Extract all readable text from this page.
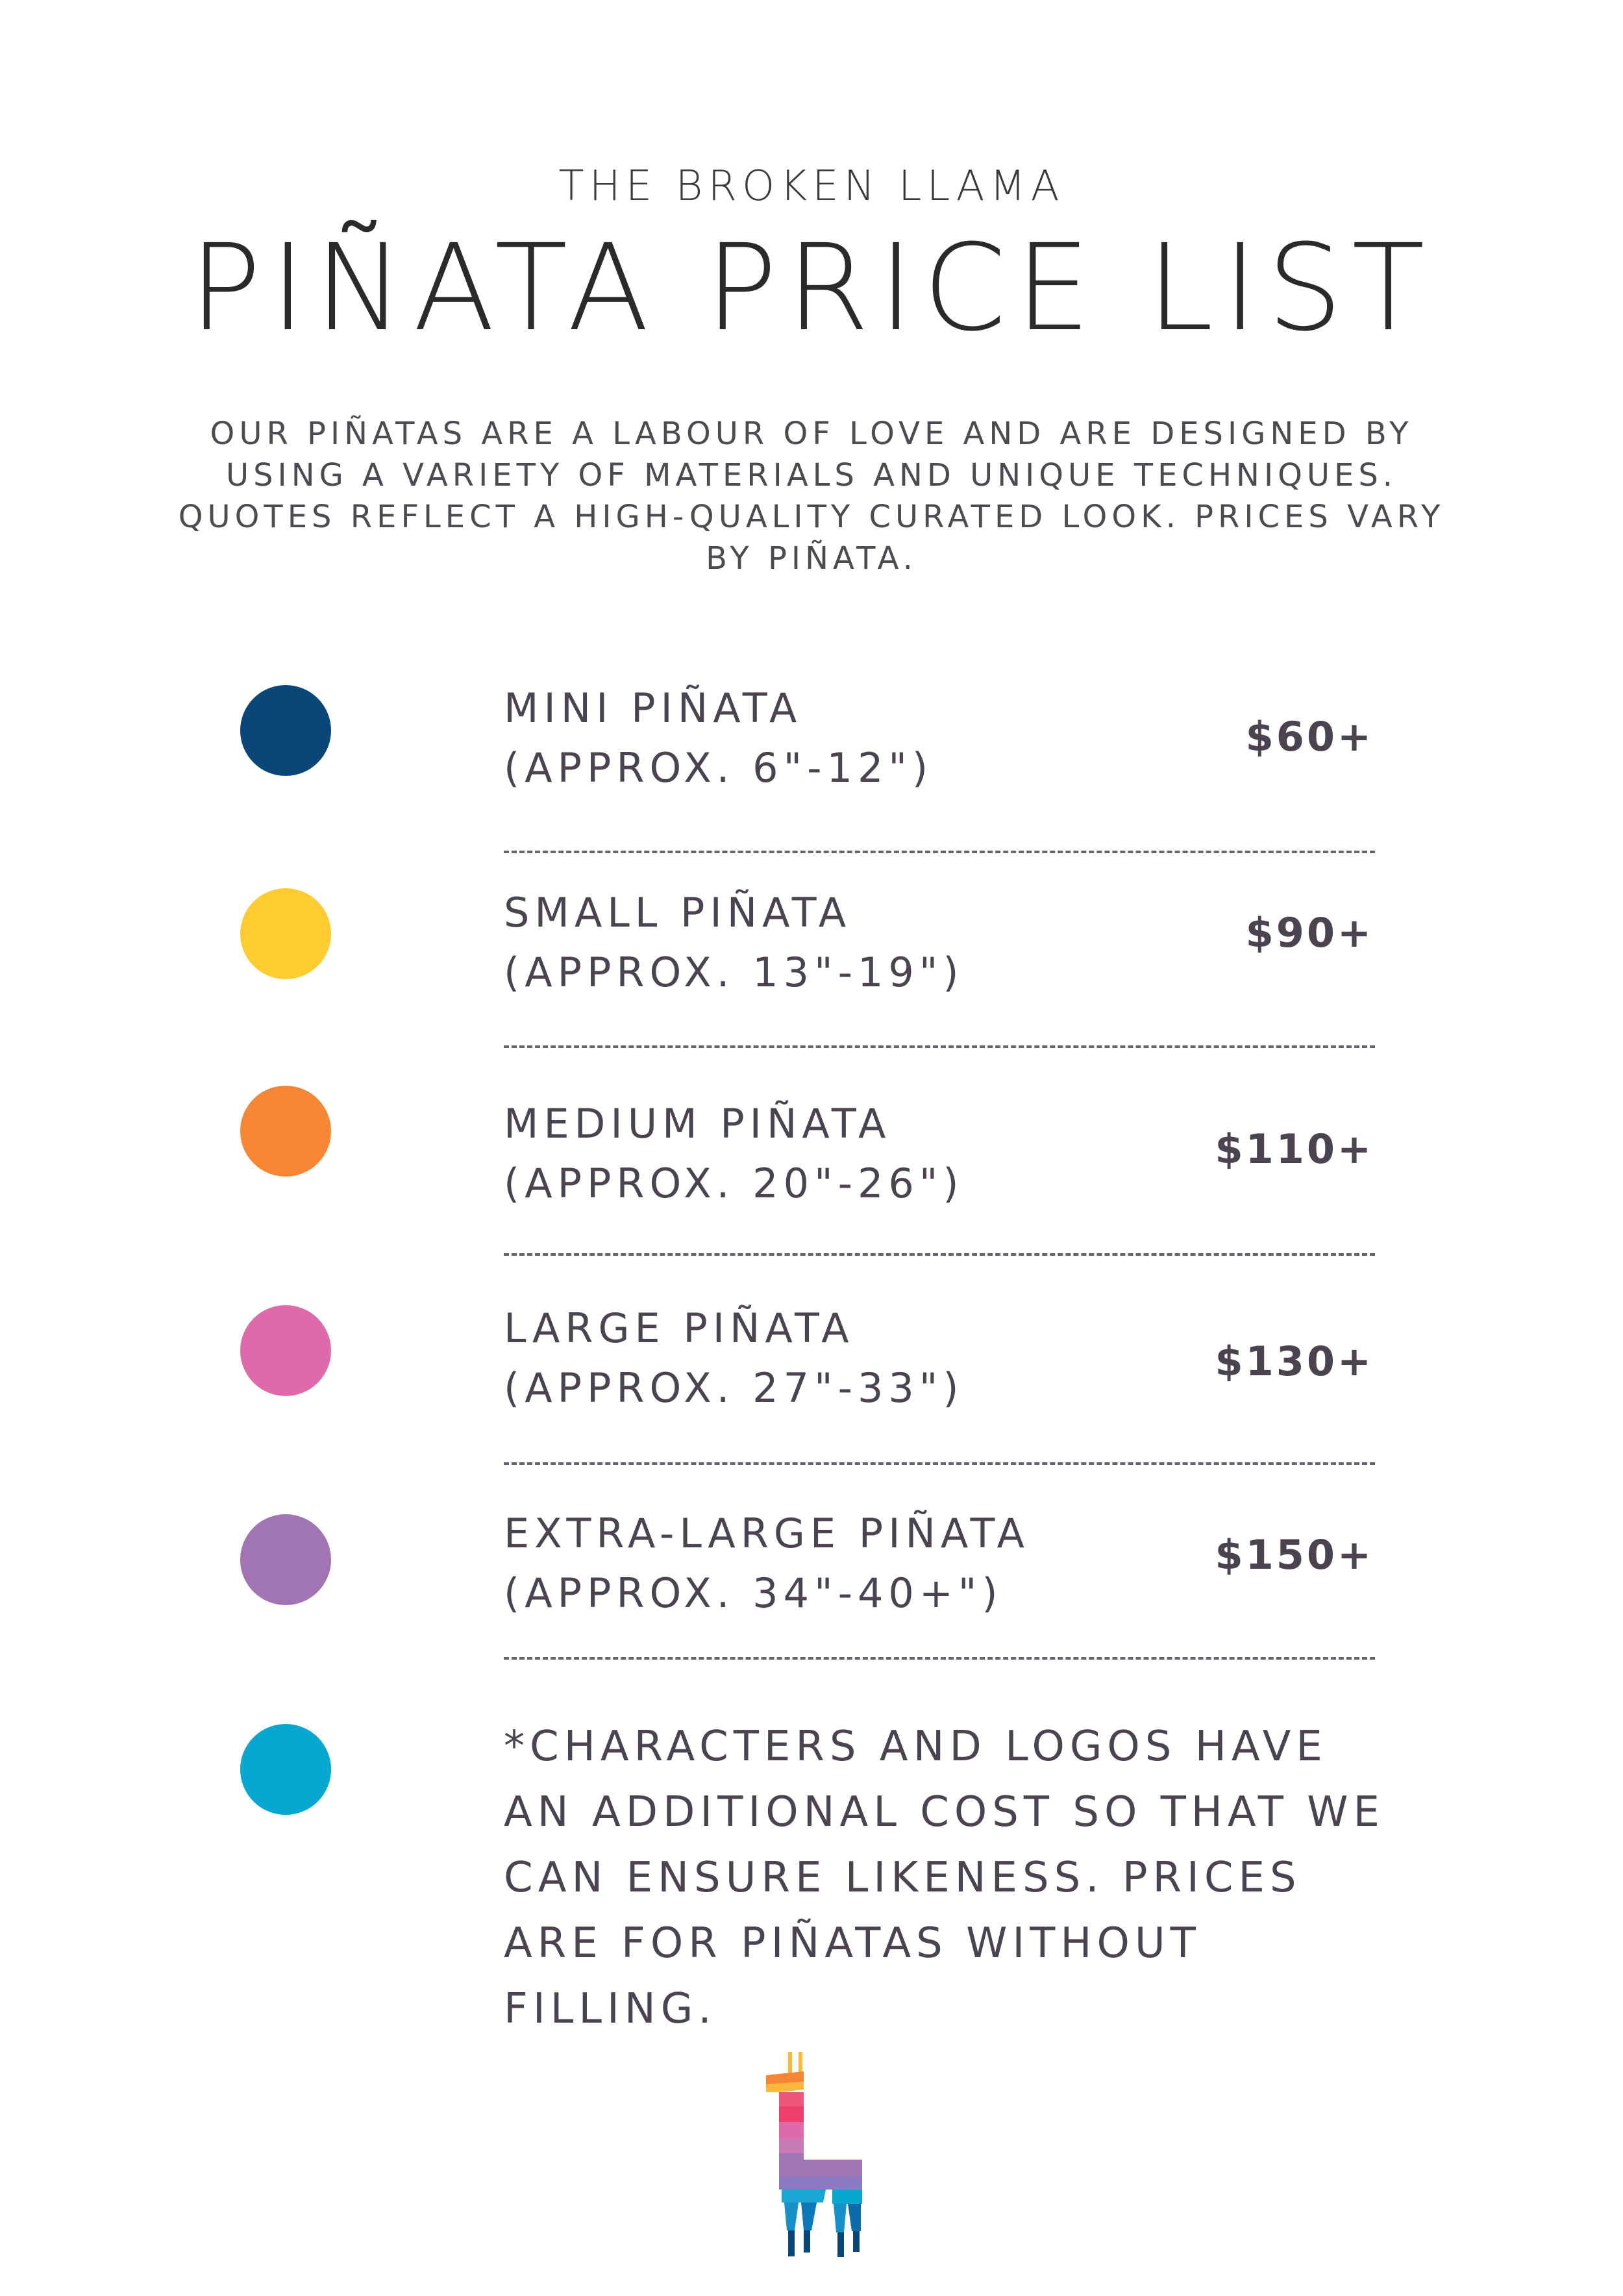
THE BROKEN LLAMA
PIÑATA PRICE LIST
OUR PIÑATAS ARE A LABOUR OF LOVE AND ARE DESIGNED BY USING A VARIETY OF MATERIALS AND UNIQUE TECHNIQUES. QUOTES REFLECT A HIGH-QUALITY CURATED LOOK. PRICES VARY BY PIÑATA.
MINI PIÑATA
(APPROX. 6"-12")
$60+
SMALL PIÑATA
(APPROX. 13"-19")
$90+
MEDIUM PIÑATA
(APPROX. 20"-26")
$110+
LARGE PIÑATA
(APPROX. 27"-33")
$130+
EXTRA-LARGE PIÑATA
(APPROX. 34"-40+")
$150+
*CHARACTERS AND LOGOS HAVE AN ADDITIONAL COST SO THAT WE CAN ENSURE LIKENESS. PRICES ARE FOR PIÑATAS WITHOUT FILLING.
